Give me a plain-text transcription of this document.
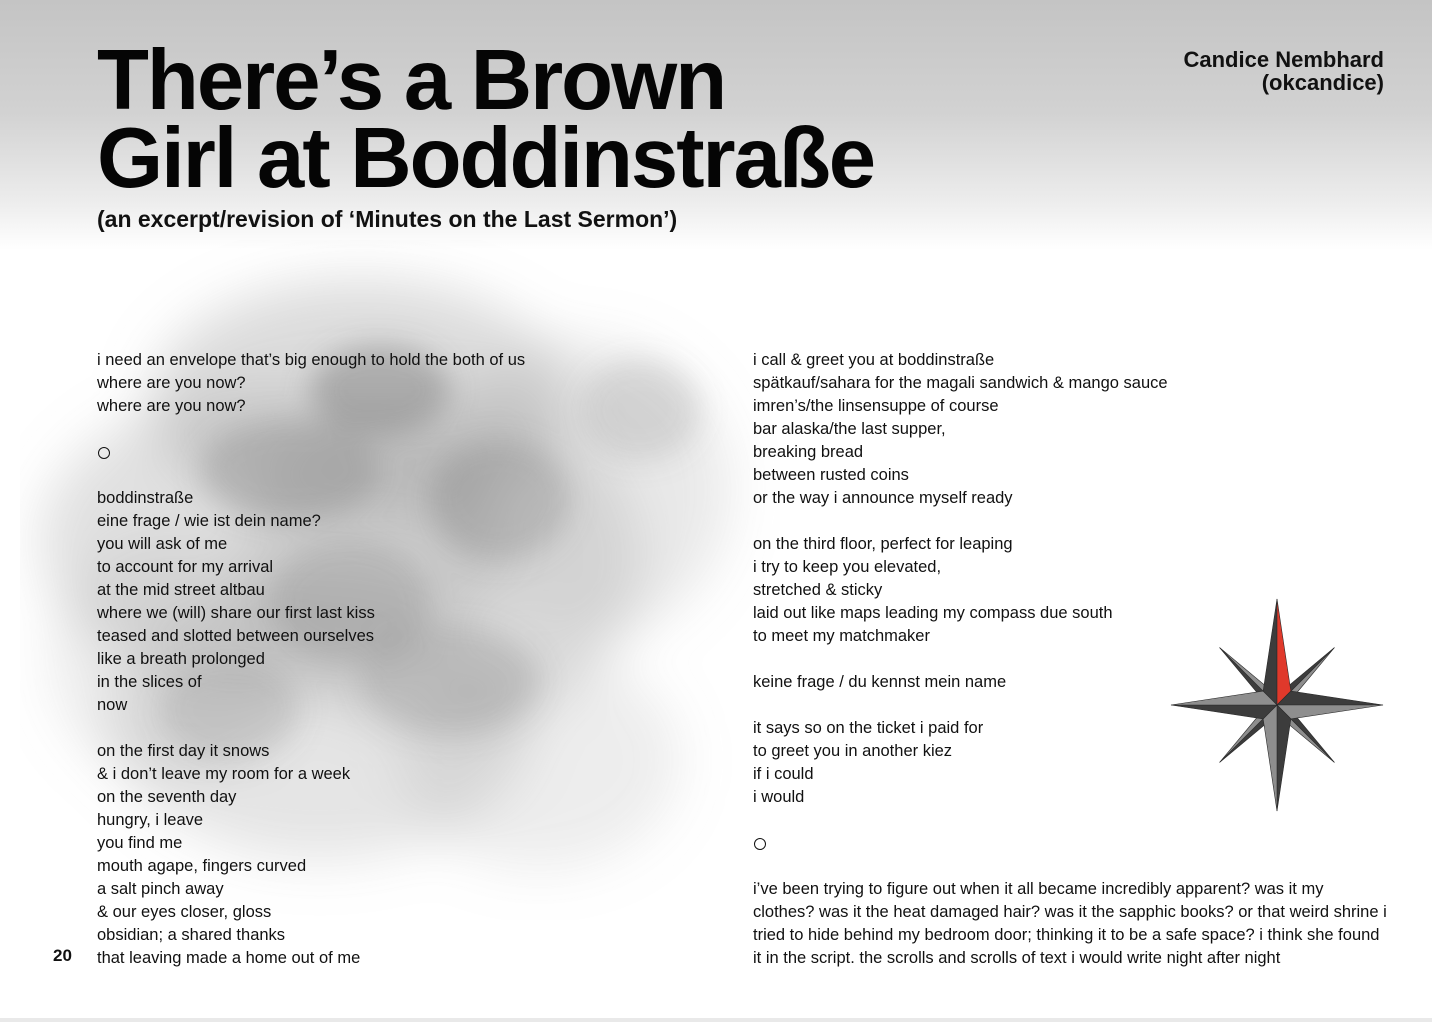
There’s a Brown
Girl at Boddinstraße

(an excerpt/revision of ‘Minutes on the Last Sermon’)

Candice Nembhard
(okcandice)
i need an envelope that’s big enough to hold the both of us
where are you now?
where are you now?
boddinstraße
eine frage / wie ist dein name?
you will ask of me
to account for my arrival
at the mid street altbau
where we (will) share our first last kiss
teased and slotted between ourselves
like a breath prolonged
in the slices of
now
on the first day it snows
& i don’t leave my room for a week
on the seventh day
hungry, i leave
you find me
mouth agape, fingers curved
a salt pinch away
& our eyes closer, gloss
obsidian; a shared thanks
that leaving made a home out of me
i call & greet you at boddinstraße
spätkauf/sahara for the magali sandwich & mango sauce
imren’s/the linsensuppe of course
bar alaska/the last supper,
breaking bread
between rusted coins
or the way i announce myself ready
on the third floor, perfect for leaping
i try to keep you elevated,
stretched & sticky
laid out like maps leading my compass due south
to meet my matchmaker
keine frage / du kennst mein name
it says so on the ticket i paid for
to greet you in another kiez
if i could
i would
i’ve been trying to figure out when it all became incredibly apparent? was it my clothes? was it the heat damaged hair? was it the sapphic books? or that weird shrine i tried to hide behind my bedroom door; thinking it to be a safe space? i think she found it in the script. the scrolls and scrolls of text i would write night after night
20
